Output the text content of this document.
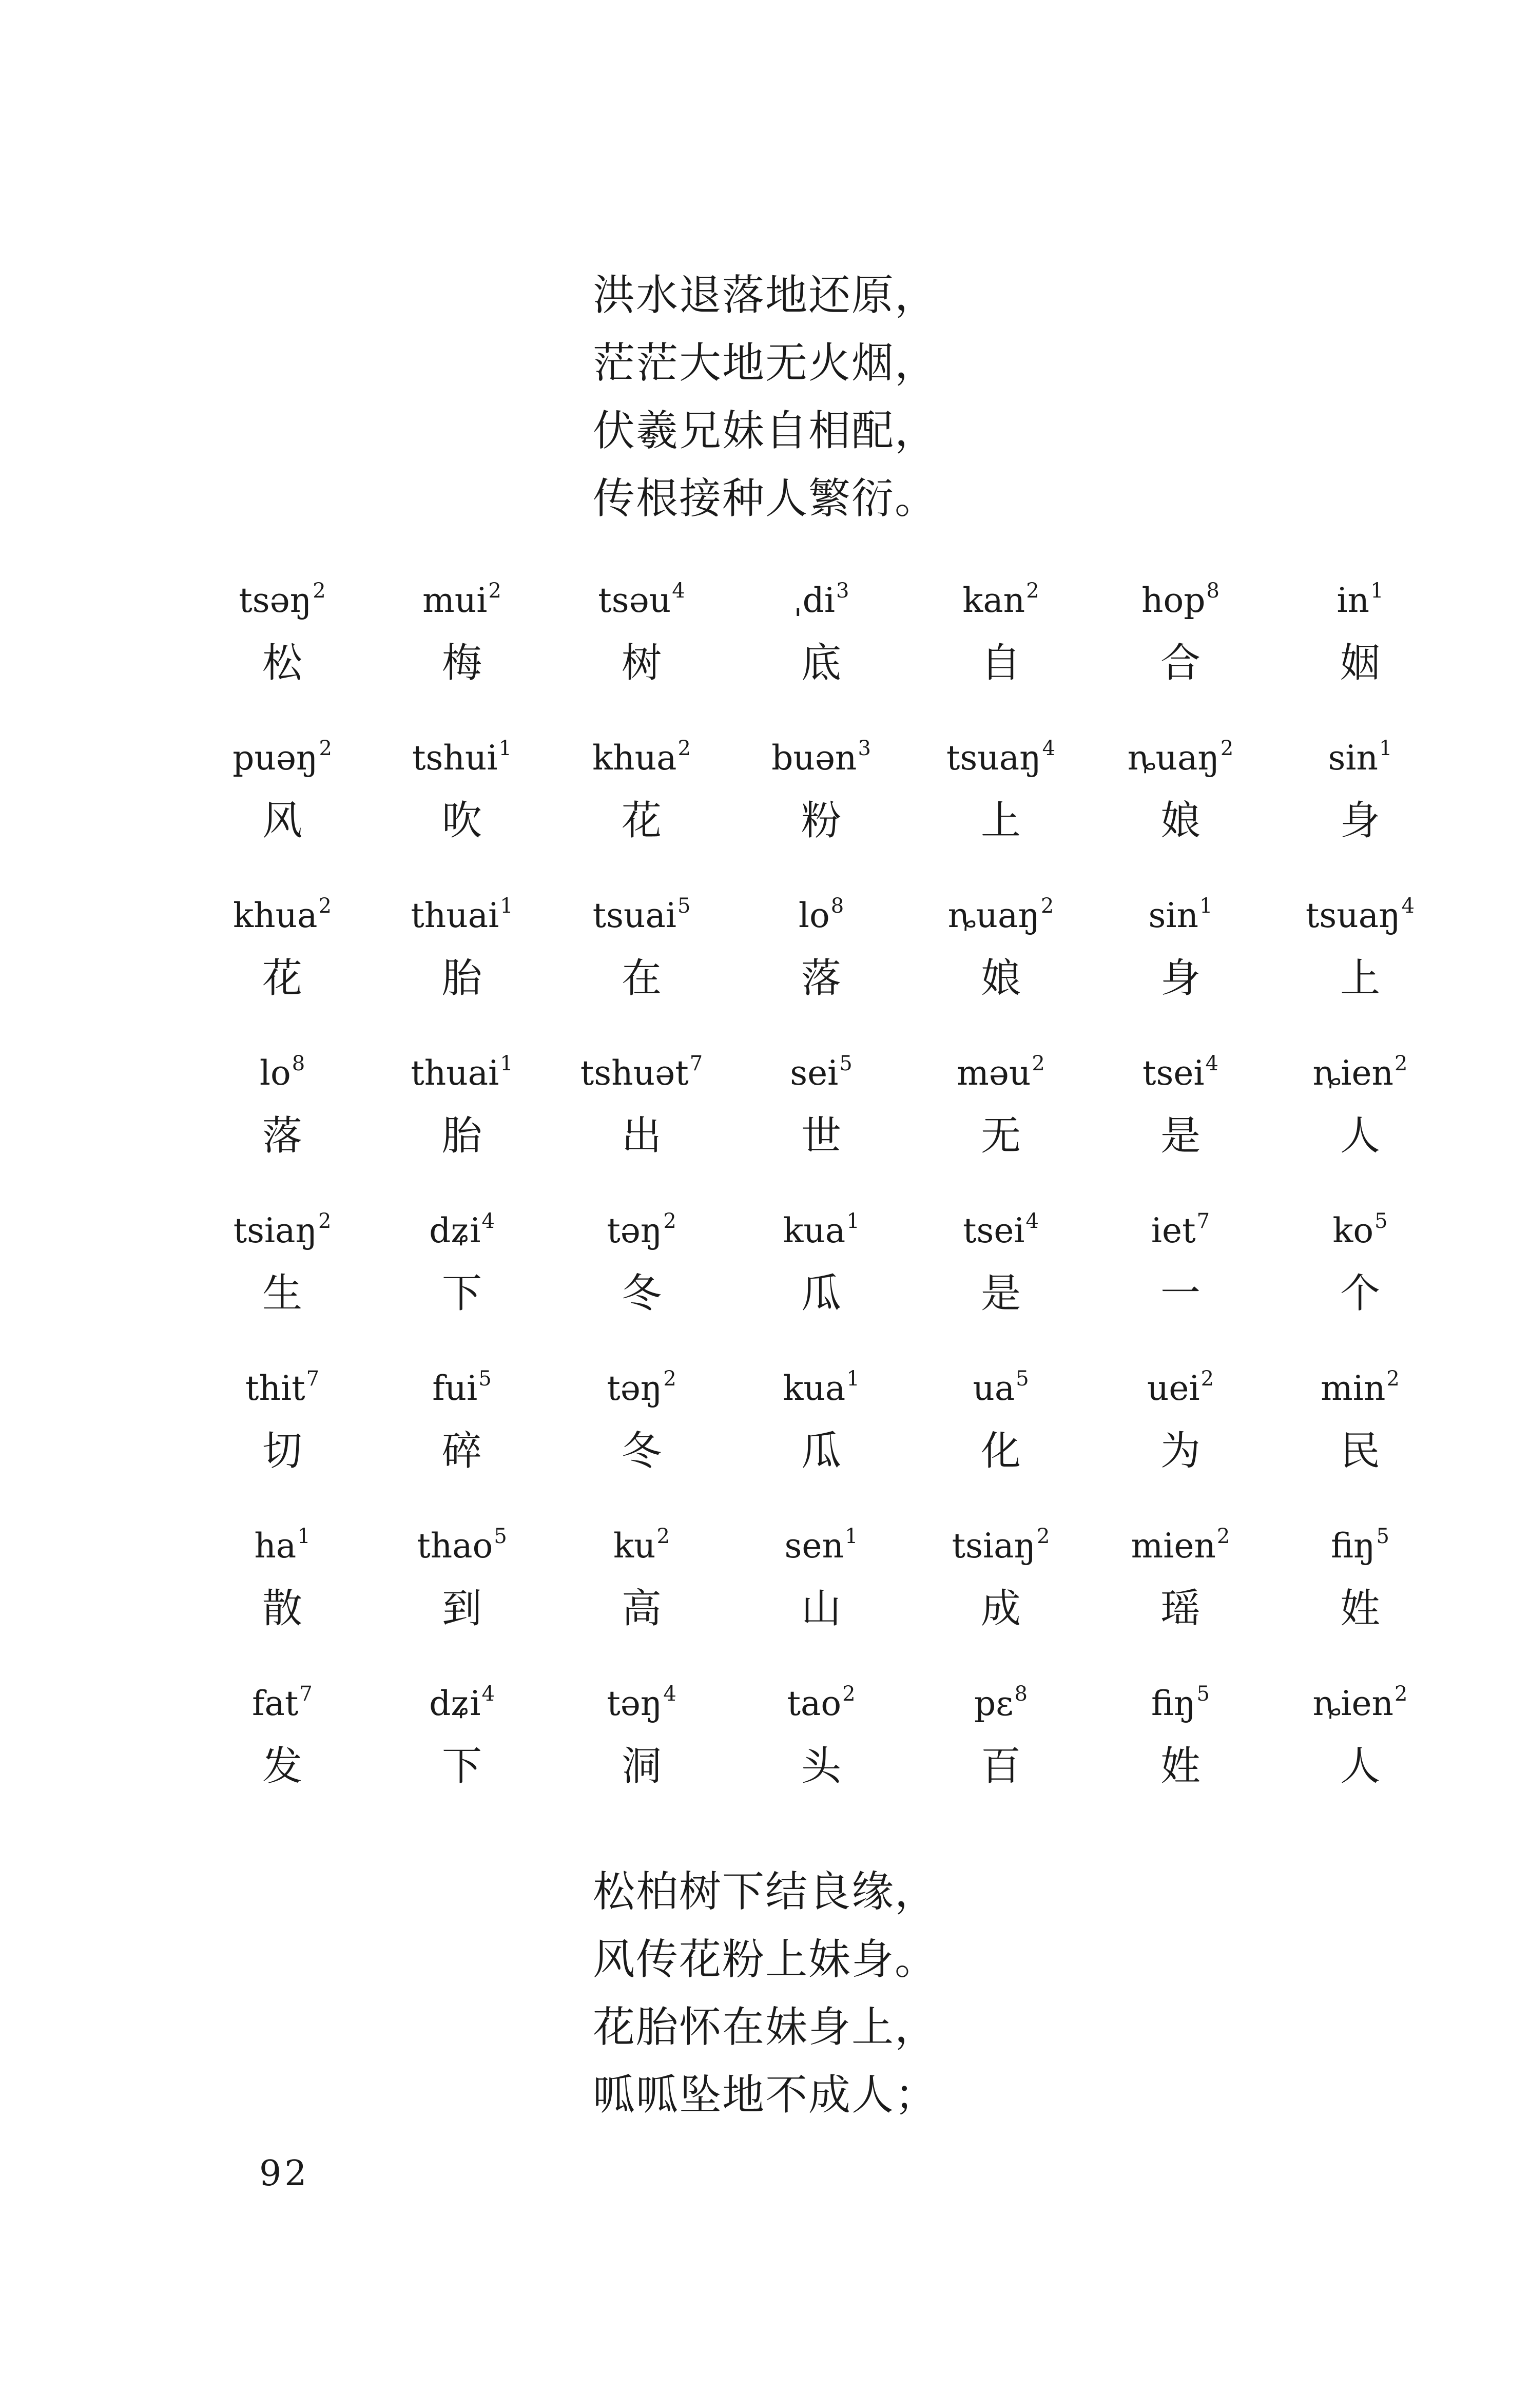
洪水退落地还原，
茫茫大地无火烟，
伏羲兄妹自相配，
传根接种人繁衍。
tsəŋ$^2$
松
mui$^2$
梅
tsəu$^4$
树
ˌdi$^3$
底
kan$^2$
自
hop$^8$
合
$in^1$
姻
puəŋ$^2$
风
tshui$^1$
吹
khua$^2$
花
buən$^3$
粉
tsuaŋ$^4$
上
ȵuaŋ$^2$
娘
$\sin^1$
身
khua$^2$
花
thuai$^1$
胎
tsuai$^5$
在
$lo^8$
落
ȵuaŋ$^2$
娘
$\sin^1$
身
tsuaŋ$^4$
上
$lo^8$
落
thuai$^1$
胎
tshuət$^7$
出
sei$^5$
世
məu$^2$
无
tsei$^4$
是
ȵien$^2$
人
tsiaŋ$^2$
生
dʑi$^4$
下
təŋ$^2$
冬
kua$^1$
瓜
tsei$^4$
是
iet$^7$
一
$ko^5$
个
thit$^7$
切
fui$^5$
碎
təŋ$^2$
冬
kua$^1$
瓜
$ua^5$
化
uei$^2$
为
$\min^2$
民
$ha^1$
散
thao$^5$
到
$ku^2$
高
sen$^1$
山
tsiaŋ$^2$
成
mien$^2$
瑶
fiŋ$^5$
姓
fat$^7$
发
dʑi$^4$
下
təŋ$^4$
洞
tao$^2$
头
pɛ$^8$
百
fiŋ$^5$
姓
ȵien$^2$
人
松柏树下结良缘，
风传花粉上妹身。
花胎怀在妹身上，
呱呱坠地不成人；
92
